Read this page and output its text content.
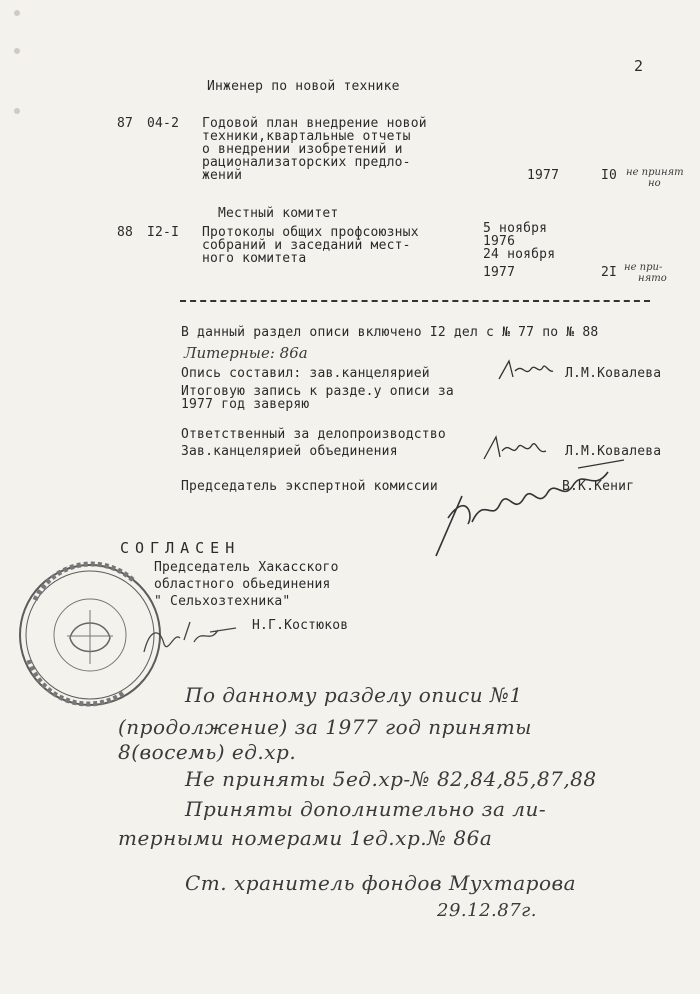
2
Инженер по новой технике
87 04-2 Годовой план внедрение новой
техники,квартальные отчеты
о внедрении изобретений и
рационализаторских предло-
жений	1977	I0 не принят
но
Местный комитет
88 I2-I Протоколы общих профсоюзных
собраний и заседаний мест-
ного комитета
5 ноября
1976
24 ноября
1977	2I не при-
нято
В данный раздел описи включено I2 дел с № 77 по № 88
Литерные: 86а
Опись составил: зав.канцелярией	Л.М.Ковалева
Итоговую запись к разде.у описи за
1977 год заверяю
Ответственный за делопроизводство
Зав.канцелярией объединения	Л.М.Ковалева
Председатель экспертной комиссии	В.К.Кениг
СОГЛАСЕН
Председатель Хакасского
областного обьединения
" Сельхозтехника"
Н.Г.Костюков
По данному разделу описи №1
(продолжение) за 1977 год приняты
8(восемь) ед.хр.
Не приняты 5ед.хр-№ 82,84,85,87,88
Приняты дополнительно за ли-
терными номерами 1ед.хр.№ 86а
Ст. хранитель фондов Мухтарова
29.12.87г.
